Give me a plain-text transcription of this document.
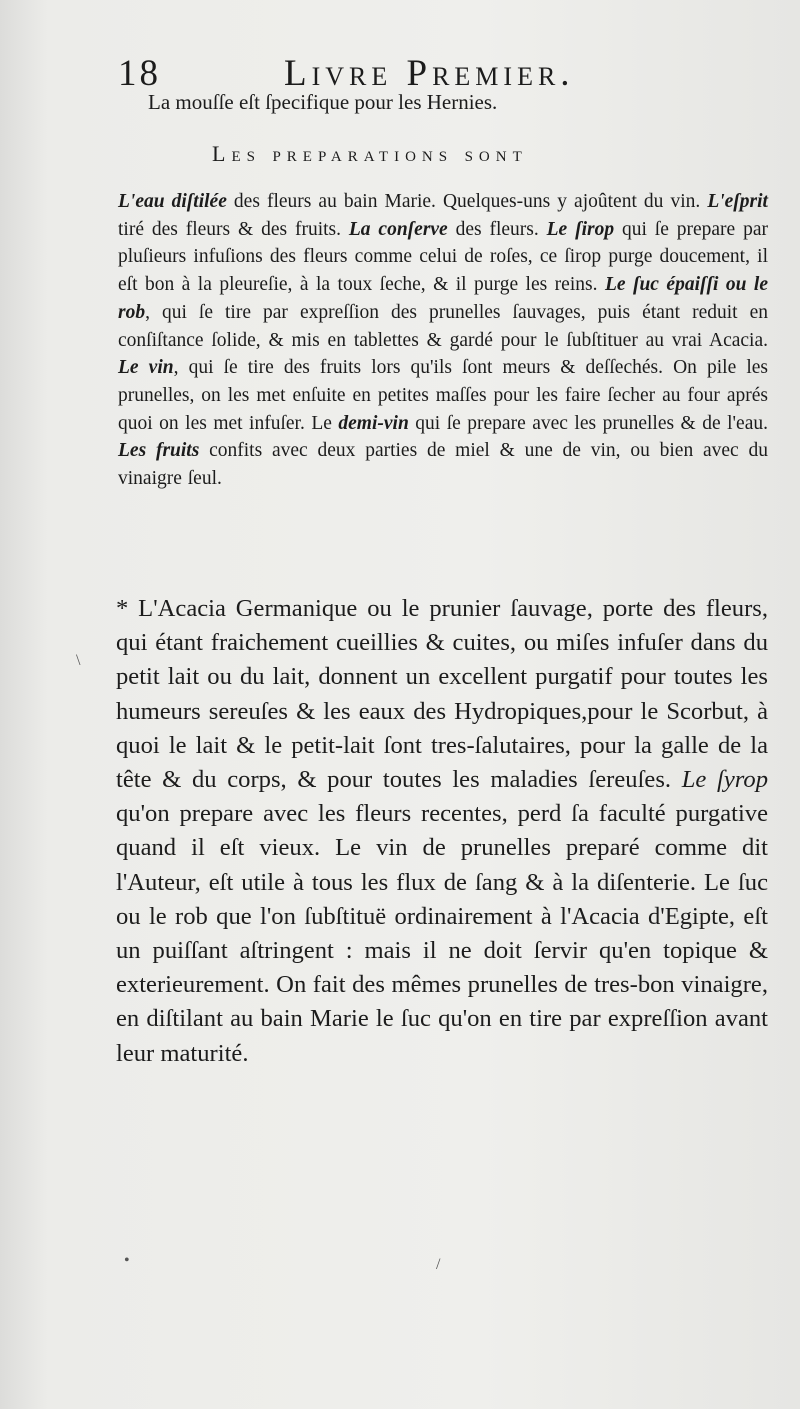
18	Livre Premier.
La mouſſe eſt ſpecifique pour les Hernies.
Les preparations sont
L'eau diſtilée des fleurs au bain Marie. Quelques-uns y ajoûtent du vin. L'eſprit tiré des fleurs & des fruits. La conſerve des fleurs. Le ſirop qui ſe prepare par pluſieurs infuſions des fleurs comme celui de roſes, ce ſirop purge doucement, il eſt bon à la pleureſie, à la toux ſeche, & il purge les reins. Le ſuc épaiſſi ou le rob, qui ſe tire par expreſſion des prunelles ſauvages, puis étant reduit en conſiſtance ſolide, & mis en tablettes & gardé pour le ſubſtituer au vrai Acacia. Le vin, qui ſe tire des fruits lors qu'ils ſont meurs & deſſechés. On pile les prunelles, on les met enſuite en petites maſſes pour les faire ſecher au four aprés quoi on les met infuſer. Le demi-vin qui ſe prepare avec les prunelles & de l'eau. Les fruits confits avec deux parties de miel & une de vin, ou bien avec du vinaigre ſeul.
* L'Acacia Germanique ou le prunier ſauvage, porte des fleurs, qui étant fraichement cueillies & cuites, ou miſes infuſer dans du petit lait ou du lait, donnent un excellent purgatif pour toutes les humeurs sereuſes & les eaux des Hydropiques,pour le Scorbut, à quoi le lait & le petit-lait ſont tres-ſalutaires, pour la galle de la tête & du corps, & pour toutes les maladies ſereuſes. Le ſyrop qu'on prepare avec les fleurs recentes, perd ſa faculté purgative quand il eſt vieux. Le vin de prunelles preparé comme dit l'Auteur, eſt utile à tous les flux de ſang & à la diſenterie. Le ſuc ou le rob que l'on ſubſtituë ordinairement à l'Acacia d'Egipte, eſt un puiſſant aſtringent : mais il ne doit ſervir qu'en topique & exterieurement. On fait des mêmes prunelles de tres-bon vinaigre, en diſtilant au bain Marie le ſuc qu'on en tire par expreſſion avant leur maturité.
\
•	/
